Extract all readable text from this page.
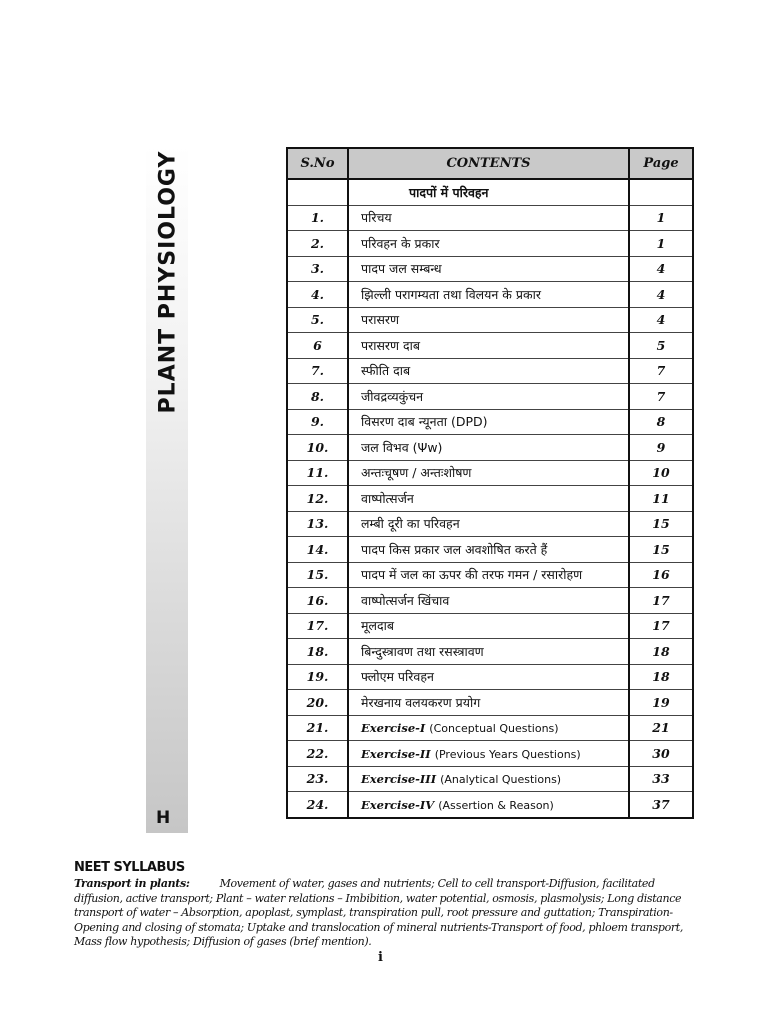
PLANT PHYSIOLOGY
H
S.No	CONTENTS	Page
	पादपों में परिवहन	
1.	परिचय	1
2.	परिवहन के प्रकार	1
3.	पादप जल सम्बन्ध	4
4.	झिल्ली परागम्यता तथा विलयन के प्रकार	4
5.	परासरण	4
6	परासरण दाब	5
7.	स्फीति दाब	7
8.	जीवद्रव्यकुंचन	7
9.	विसरण दाब न्यूनता (DPD)	8
10.	जल विभव (Ψw)	9
11.	अन्तःचूषण / अन्तःशोषण	10
12.	वाष्पोत्सर्जन	11
13.	लम्बी दूरी का परिवहन	15
14.	पादप किस प्रकार जल अवशोषित करते हैं	15
15.	पादप में जल का ऊपर की तरफ गमन / रसारोहण	16
16.	वाष्पोत्सर्जन खिंचाव	17
17.	मूलदाब	17
18.	बिन्दुस्त्रावण तथा रसस्त्रावण	18
19.	फ्लोएम परिवहन	18
20.	मेरखनाय वलयकरण प्रयोग	19
21.	Exercise-I (Conceptual Questions)	21
22.	Exercise-II (Previous Years Questions)	30
23.	Exercise-III (Analytical Questions)	33
24.	Exercise-IV (Assertion & Reason)	37
NEET SYLLABUS

Transport in plants:	Movement of water, gases and nutrients; Cell to cell transport-Diffusion, facilitated diffusion, active transport; Plant – water relations – Imbibition, water potential, osmosis, plasmolysis; Long distance transport of water – Absorption, apoplast, symplast, transpiration pull, root pressure and guttation; Transpiration-Opening and closing of stomata; Uptake and translocation of mineral nutrients-Transport of food, phloem transport, Mass flow hypothesis; Diffusion of gases (brief mention).

i
